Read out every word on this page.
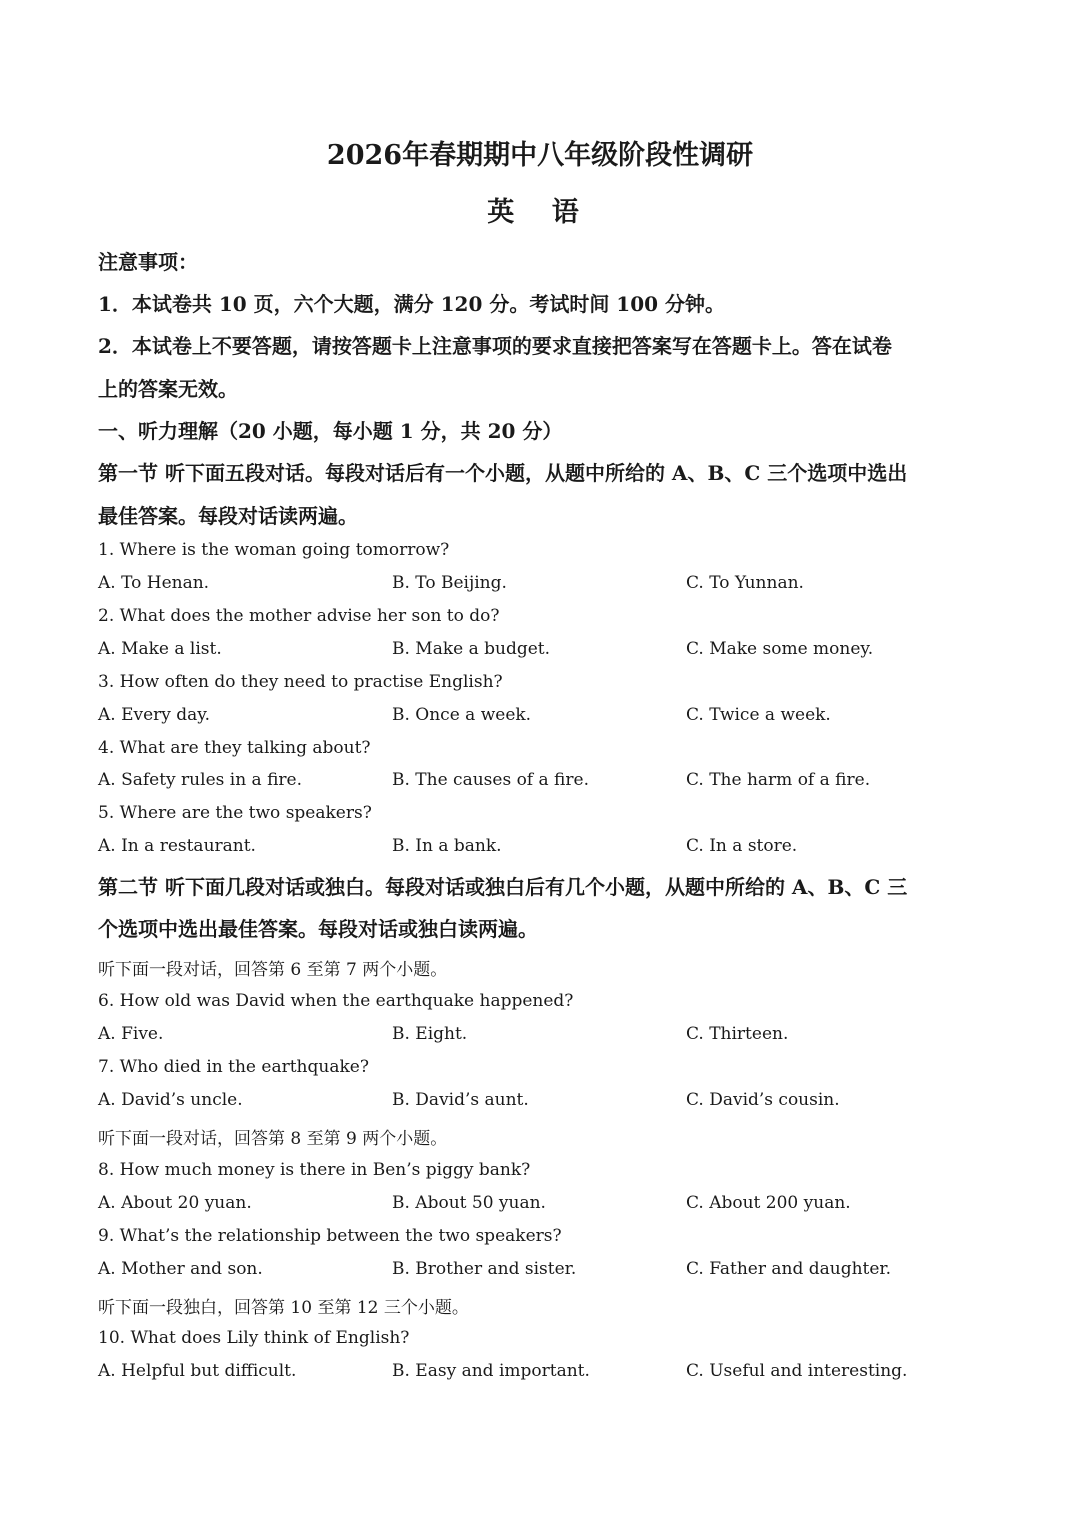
2026年春期期中八年级阶段性调研
英 语
注意事项：
1．本试卷共 10 页，六个大题，满分 120 分。考试时间 100 分钟。
2．本试卷上不要答题，请按答题卡上注意事项的要求直接把答案写在答题卡上。答在试卷
上的答案无效。
一、听力理解（20 小题，每小题 1 分，共 20 分）
第一节 听下面五段对话。每段对话后有一个小题，从题中所给的 A、B、C 三个选项中选出
最佳答案。每段对话读两遍。
1. Where is the woman going tomorrow?
A. To Henan.	B. To Beijing.	C. To Yunnan.
2. What does the mother advise her son to do?
A. Make a list.	B. Make a budget.	C. Make some money.
3. How often do they need to practise English?
A. Every day.	B. Once a week.	C. Twice a week.
4. What are they talking about?
A. Safety rules in a fire.	B. The causes of a fire.	C. The harm of a fire.
5. Where are the two speakers?
A. In a restaurant.	B. In a bank.	C. In a store.
第二节 听下面几段对话或独白。每段对话或独白后有几个小题，从题中所给的 A、B、C 三
个选项中选出最佳答案。每段对话或独白读两遍。
听下面一段对话，回答第 6 至第 7 两个小题。
6. How old was David when the earthquake happened?
A. Five.	B. Eight.	C. Thirteen.
7. Who died in the earthquake?
A. David’s uncle.	B. David’s aunt.	C. David’s cousin.
听下面一段对话，回答第 8 至第 9 两个小题。
8. How much money is there in Ben’s piggy bank?
A. About 20 yuan.	B. About 50 yuan.	C. About 200 yuan.
9. What’s the relationship between the two speakers?
A. Mother and son.	B. Brother and sister.	C. Father and daughter.
听下面一段独白，回答第 10 至第 12 三个小题。
10. What does Lily think of English?
A. Helpful but difficult.	B. Easy and important.	C. Useful and interesting.
